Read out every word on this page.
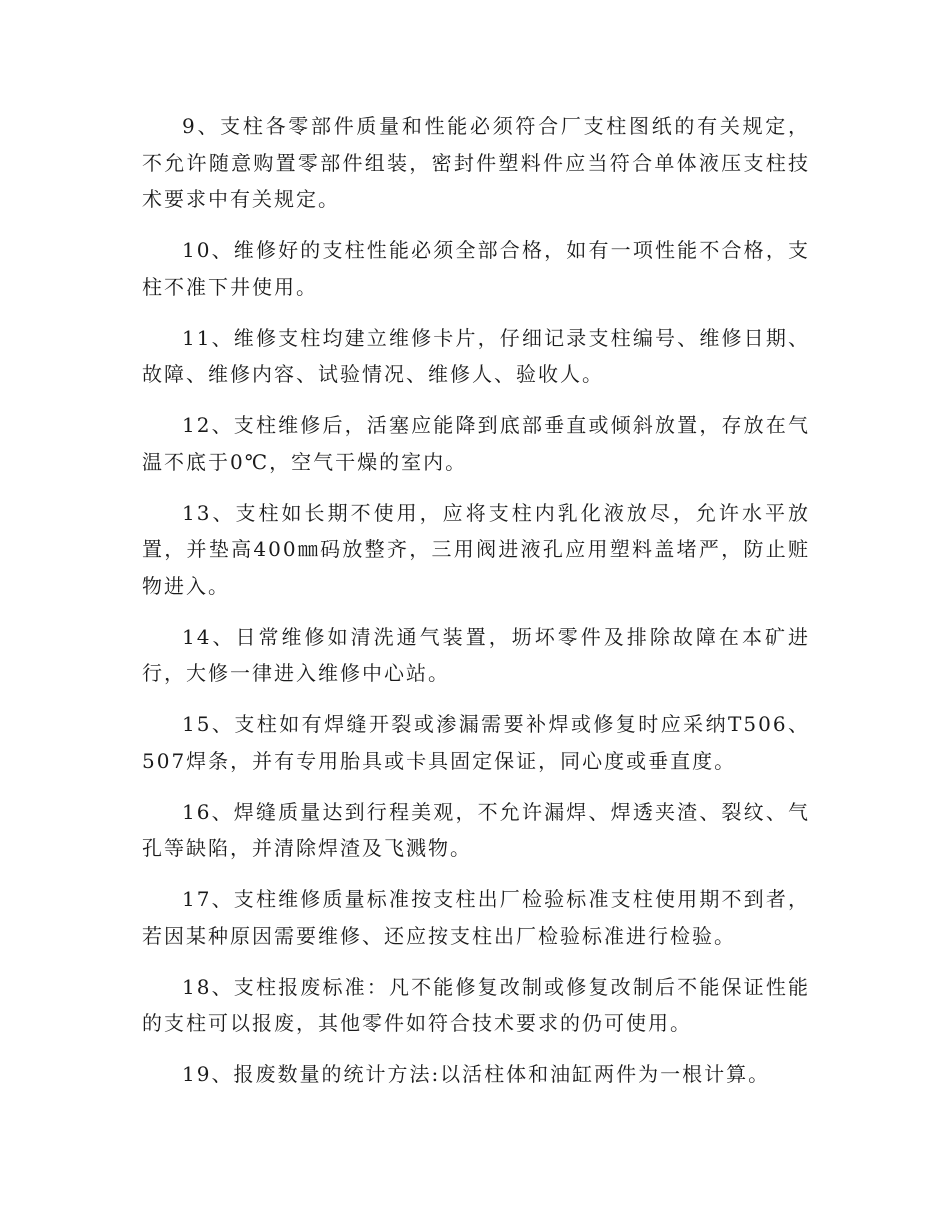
9、支柱各零部件质量和性能必须符合厂支柱图纸的有关规定，不允许随意购置零部件组装，密封件塑料件应当符合单体液压支柱技术要求中有关规定。

10、维修好的支柱性能必须全部合格，如有一项性能不合格，支柱不准下井使用。

11、维修支柱均建立维修卡片，仔细记录支柱编号、维修日期、故障、维修内容、试验情况、维修人、验收人。

12、支柱维修后，活塞应能降到底部垂直或倾斜放置，存放在气温不底于0℃，空气干燥的室内。

13、支柱如长期不使用，应将支柱内乳化液放尽，允许水平放置，并垫高400㎜码放整齐，三用阀进液孔应用塑料盖堵严，防止赃物进入。

14、日常维修如清洗通气装置，坜坏零件及排除故障在本矿进行，大修一律进入维修中心站。

15、支柱如有焊缝开裂或渗漏需要补焊或修复时应采纳T506、507焊条，并有专用胎具或卡具固定保证，同心度或垂直度。

16、焊缝质量达到行程美观，不允许漏焊、焊透夹渣、裂纹、气孔等缺陷，并清除焊渣及飞溅物。

17、支柱维修质量标准按支柱出厂检验标准支柱使用期不到者，若因某种原因需要维修、还应按支柱出厂检验标准进行检验。

18、支柱报废标准：凡不能修复改制或修复改制后不能保证性能的支柱可以报废，其他零件如符合技术要求的仍可使用。

19、报废数量的统计方法:以活柱体和油缸两件为一根计算。
